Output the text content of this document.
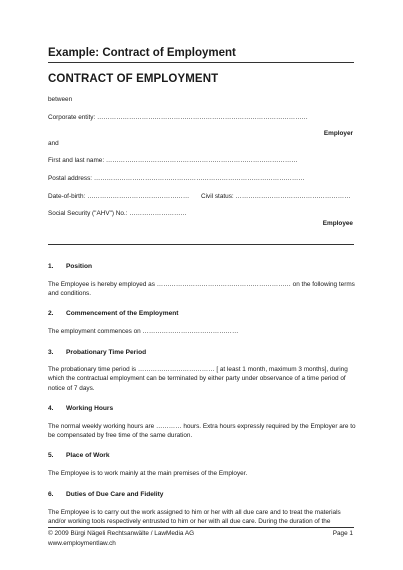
Example: Contract of Employment
CONTRACT OF EMPLOYMENT
between
Corporate entity: ………………………………………………………………………………………
Employer
and
First and last name: ………………………………………………………………………………
Postal address: ………………………………………………………………………………………
Date-of-birth: ………………………………………… Civil status: ………………………………………………
Social Security ("AHV") No.: ………………………
Employee
1. Position
The Employee is hereby employed as ……………………………………………………… on the following terms and conditions.
2. Commencement of the Employment
The employment commences on ………………………………………
3. Probationary Time Period
The probationary time period is ……………………………… [ at least 1 month, maximum 3 months], during which the contractual employment can be terminated by either party under observance of a time period of notice of 7 days.
4. Working Hours
The normal weekly working hours are ………… hours. Extra hours expressly required by the Employer are to be compensated by free time of the same duration.
5. Place of Work
The Employee is to work mainly at the main premises of the Employer.
6. Duties of Due Care and Fidelity
The Employee is to carry out the work assigned to him or her with all due care and to treat the materials and/or working tools respectively entrusted to him or her with all due care. During the duration of the
© 2009 Bürgi Nägeli Rechtsanwälte / LawMedia AG
www.employmentlaw.ch
Page 1
